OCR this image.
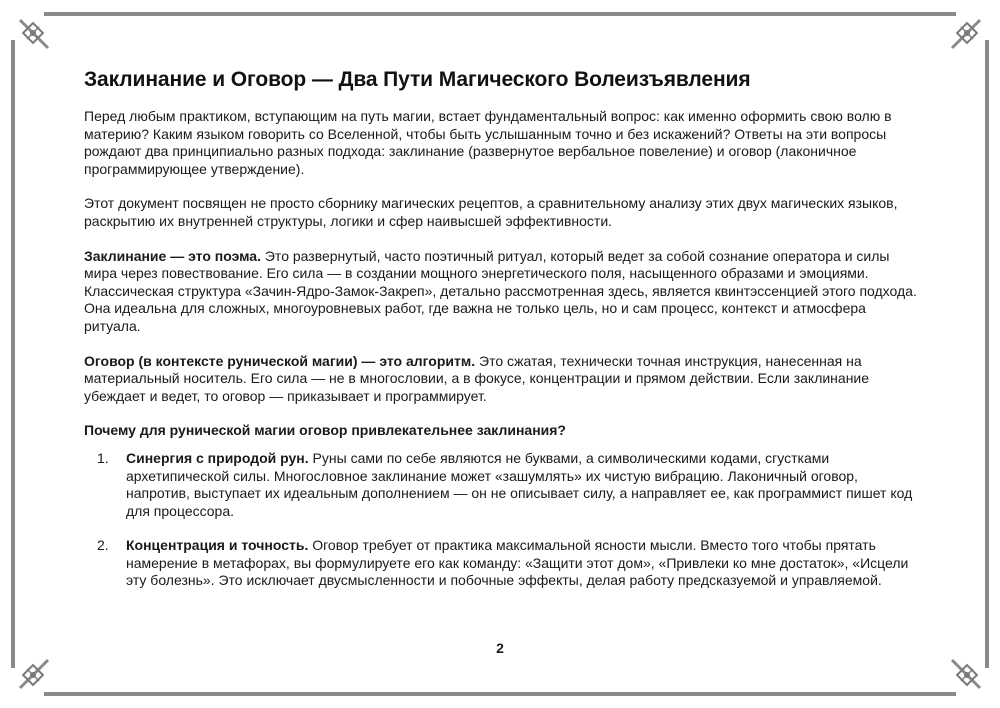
Заклинание и Оговор — Два Пути Магического Волеизъявления

Перед любым практиком, вступающим на путь магии, встает фундаментальный вопрос: как именно оформить свою волю в материю? Каким языком говорить со Вселенной, чтобы быть услышанным точно и без искажений? Ответы на эти вопросы рождают два принципиально разных подхода: заклинание (развернутое вербальное повеление) и оговор (лаконичное программирующее утверждение).

Этот документ посвящен не просто сборнику магических рецептов, а сравнительному анализу этих двух магических языков, раскрытию их внутренней структуры, логики и сфер наивысшей эффективности.

Заклинание — это поэма. Это развернутый, часто поэтичный ритуал, который ведет за собой сознание оператора и силы мира через повествование. Его сила — в создании мощного энергетического поля, насыщенного образами и эмоциями. Классическая структура «Зачин-Ядро-Замок-Закреп», детально рассмотренная здесь, является квинтэссенцией этого подхода. Она идеальна для сложных, многоуровневых работ, где важна не только цель, но и сам процесс, контекст и атмосфера ритуала.

Оговор (в контексте рунической магии) — это алгоритм. Это сжатая, технически точная инструкция, нанесенная на материальный носитель. Его сила — не в многословии, а в фокусе, концентрации и прямом действии. Если заклинание убеждает и ведет, то оговор — приказывает и программирует.

Почему для рунической магии оговор привлекательнее заклинания?

1. Синергия с природой рун. Руны сами по себе являются не буквами, а символическими кодами, сгустками архетипической силы. Многословное заклинание может «зашумлять» их чистую вибрацию. Лаконичный оговор, напротив, выступает их идеальным дополнением — он не описывает силу, а направляет ее, как программист пишет код для процессора.
2. Концентрация и точность. Оговор требует от практика максимальной ясности мысли. Вместо того чтобы прятать намерение в метафорах, вы формулируете его как команду: «Защити этот дом», «Привлеки ко мне достаток», «Исцели эту болезнь». Это исключает двусмысленности и побочные эффекты, делая работу предсказуемой и управляемой.
2
